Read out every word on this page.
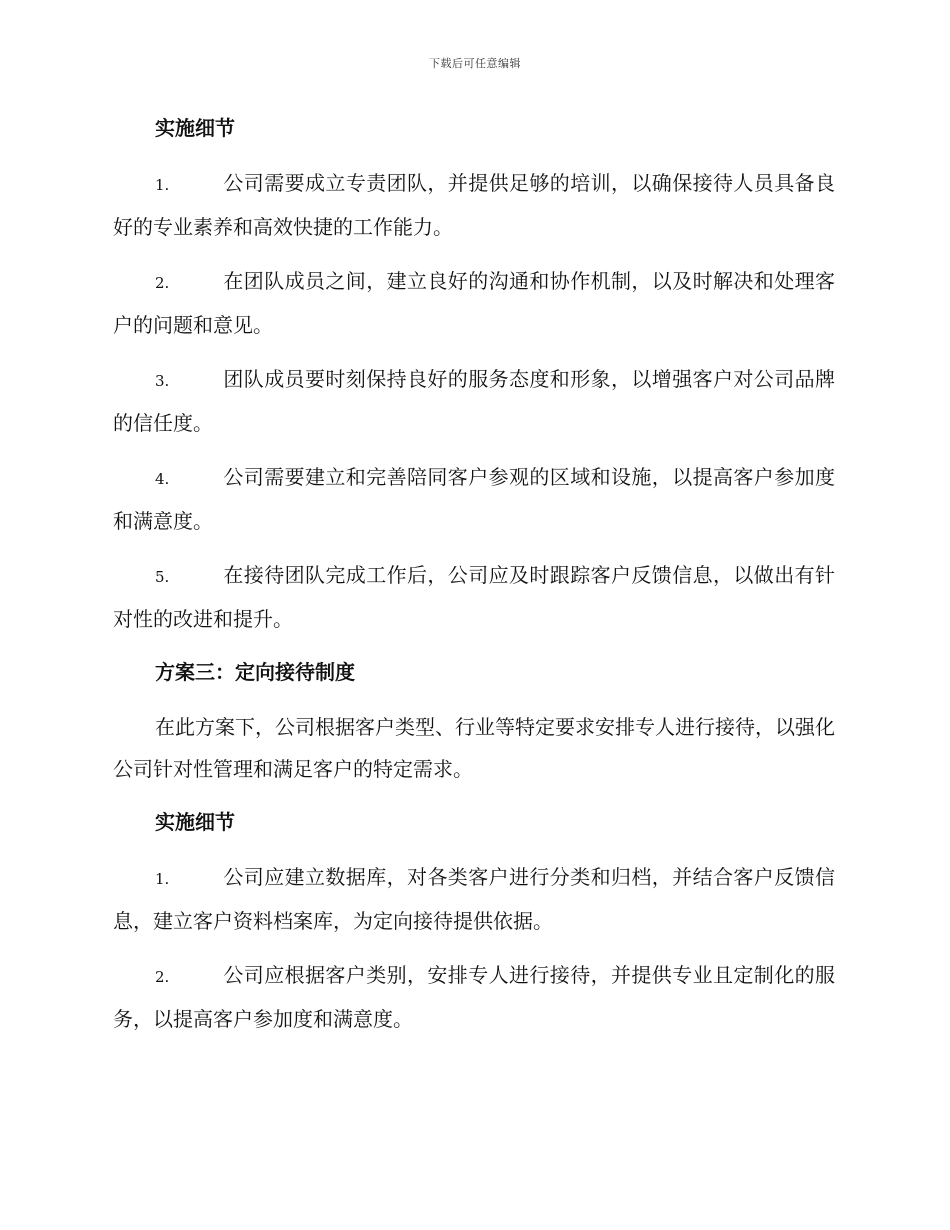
下载后可任意编辑
实施细节
1.	公司需要成立专责团队，并提供足够的培训，以确保接待人员具备良好的专业素养和高效快捷的工作能力。
2.	在团队成员之间，建立良好的沟通和协作机制，以及时解决和处理客户的问题和意见。
3.	团队成员要时刻保持良好的服务态度和形象，以增强客户对公司品牌的信任度。
4.	公司需要建立和完善陪同客户参观的区域和设施，以提高客户参加度和满意度。
5.	在接待团队完成工作后，公司应及时跟踪客户反馈信息，以做出有针对性的改进和提升。
方案三：定向接待制度

在此方案下，公司根据客户类型、行业等特定要求安排专人进行接待，以强化公司针对性管理和满足客户的特定需求。

实施细节
1.	公司应建立数据库，对各类客户进行分类和归档，并结合客户反馈信息，建立客户资料档案库，为定向接待提供依据。
2.	公司应根据客户类别，安排专人进行接待，并提供专业且定制化的服务，以提高客户参加度和满意度。
